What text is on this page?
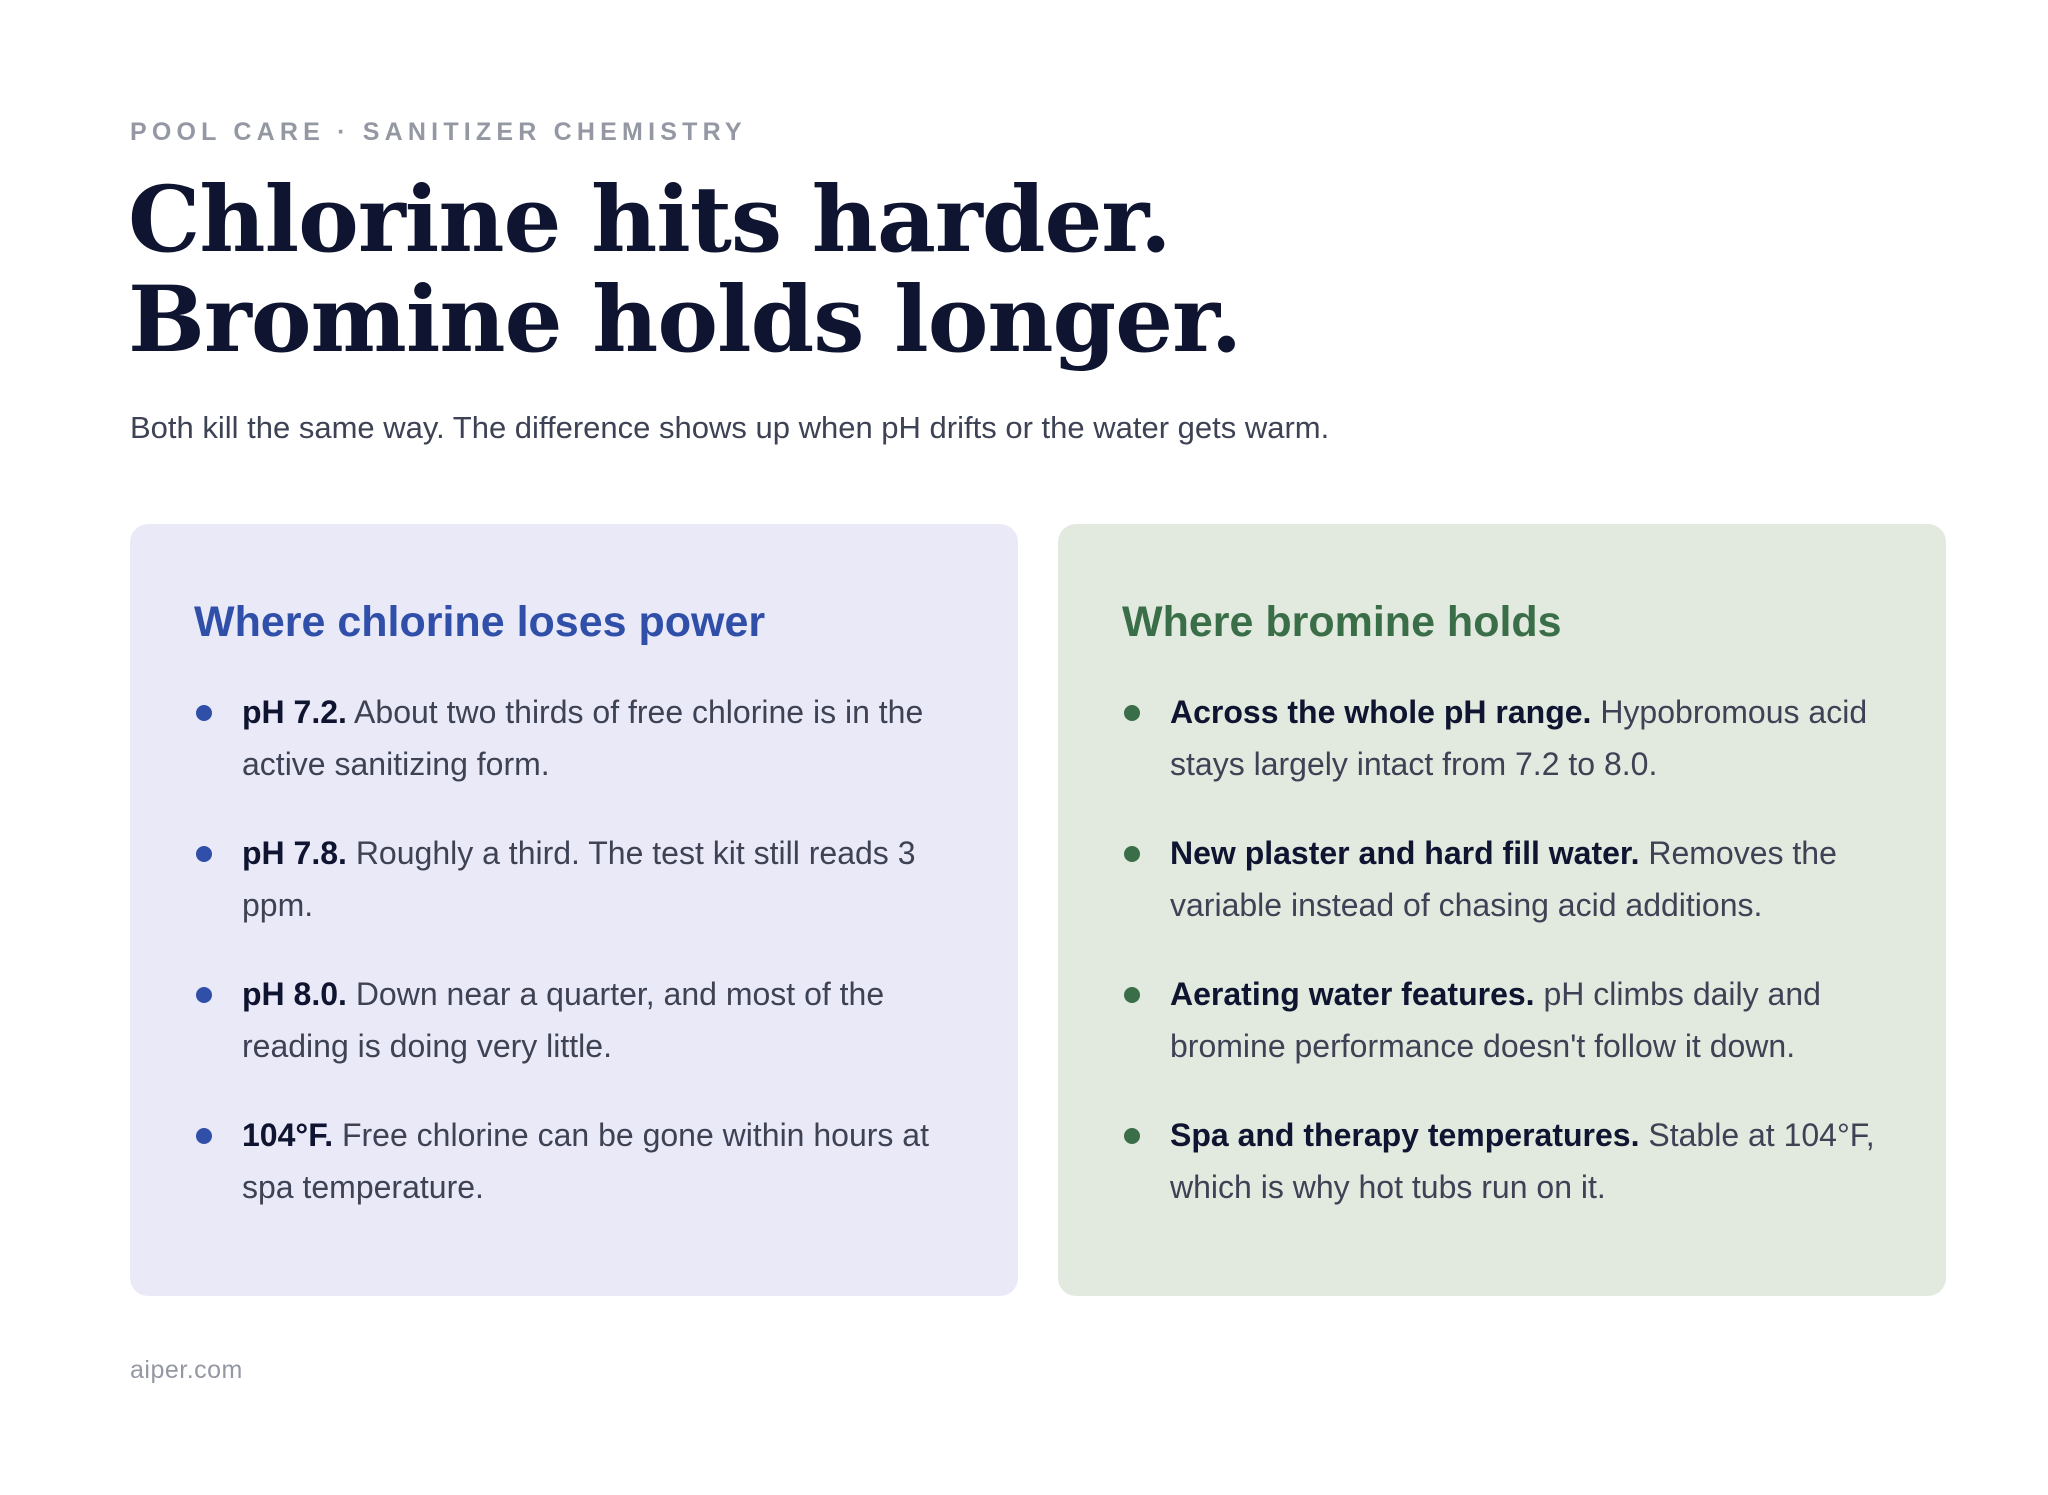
POOL CARE · SANITIZER CHEMISTRY
Chlorine hits harder. Bromine holds longer.
Both kill the same way. The difference shows up when pH drifts or the water gets warm.
Where chlorine loses power
pH 7.2. About two thirds of free chlorine is in the active sanitizing form.
pH 7.8. Roughly a third. The test kit still reads 3 ppm.
pH 8.0. Down near a quarter, and most of the reading is doing very little.
104°F. Free chlorine can be gone within hours at spa temperature.
Where bromine holds
Across the whole pH range. Hypobromous acid stays largely intact from 7.2 to 8.0.
New plaster and hard fill water. Removes the variable instead of chasing acid additions.
Aerating water features. pH climbs daily and bromine performance doesn't follow it down.
Spa and therapy temperatures. Stable at 104°F, which is why hot tubs run on it.
aiper.com
